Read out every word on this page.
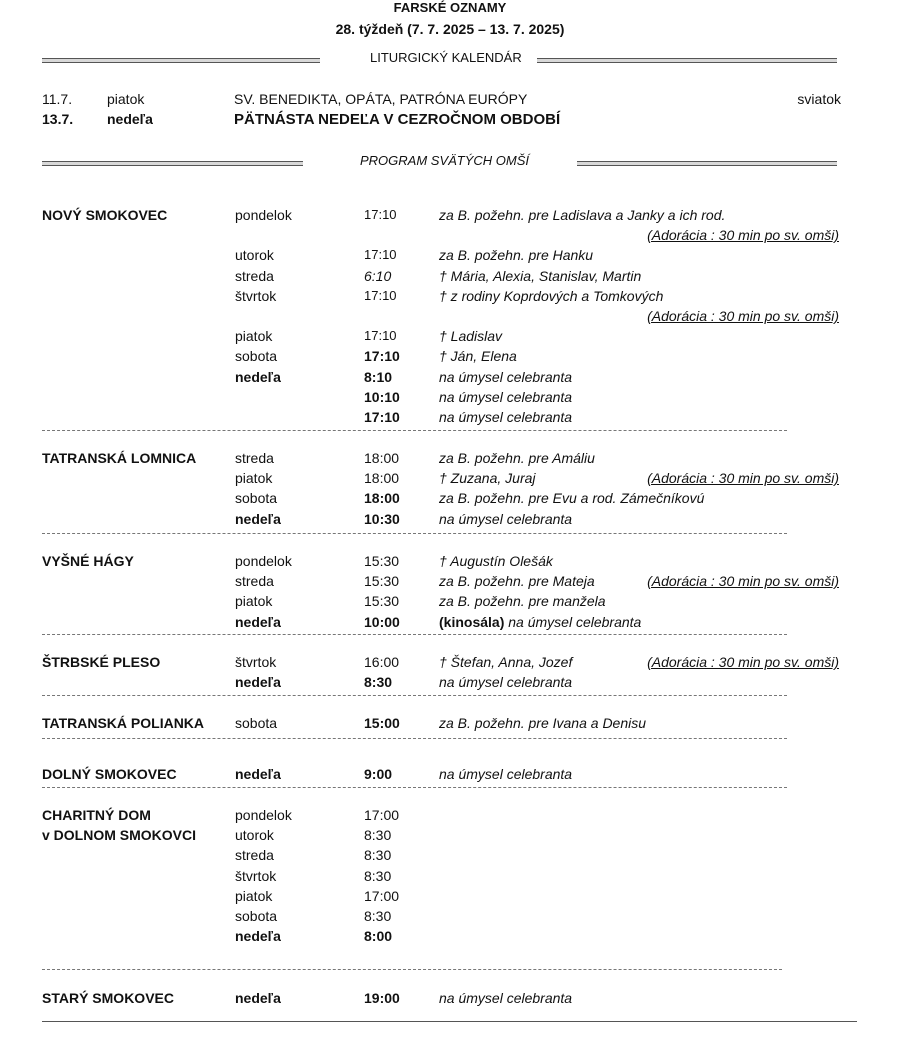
FARSKÉ OZNAMY
28. týždeň (7. 7. 2025 – 13. 7. 2025)
LITURGICKÝ KALENDÁR
11.7. piatok	SV. BENEDIKTA, OPÁTA, PATRÓNA EURÓPY	sviatok
13.7. nedeľa	PÄTNÁSTA NEDEĽA V CEZROČNOM OBDOBÍ
PROGRAM SVÄTÝCH OMŠÍ
NOVÝ SMOKOVEC	pondelok	17:10	za B. požehn. pre Ladislava a Janky a ich rod.
(Adorácia : 30 min po sv. omši)
utorok	17:10	za B. požehn. pre Hanku
streda	6:10	† Mária, Alexia, Stanislav, Martin
štvrtok	17:10	† z rodiny Koprdových a Tomkových
(Adorácia : 30 min po sv. omši)
piatok	17:10	† Ladislav
sobota	17:10	† Ján, Elena
nedeľa	8:10	na úmysel celebranta
10:10	na úmysel celebranta
17:10	na úmysel celebranta
TATRANSKÁ LOMNICA	streda	18:00	za B. požehn. pre Amáliu
piatok	18:00	† Zuzana, Juraj	(Adorácia : 30 min po sv. omši)
sobota	18:00	za B. požehn. pre Evu a rod. Zámečníkovú
nedeľa	10:30	na úmysel celebranta
VYŠNÉ HÁGY	pondelok	15:30	† Augustín Olešák
streda	15:30	za B. požehn. pre Mateja	(Adorácia : 30 min po sv. omši)
piatok	15:30	za B. požehn. pre manžela
nedeľa	10:00	(kinosála) na úmysel celebranta
ŠTRBSKÉ PLESO	štvrtok	16:00	† Štefan, Anna, Jozef	(Adorácia : 30 min po sv. omši)
nedeľa	8:30	na úmysel celebranta
TATRANSKÁ POLIANKA sobota	15:00	za B. požehn. pre Ivana a Denisu
DOLNÝ SMOKOVEC	nedeľa	9:00	na úmysel celebranta
CHARITNÝ DOM
v DOLNOM SMOKOVCI
pondelok	17:00
utorok	8:30
streda	8:30
štvrtok	8:30
piatok	17:00
sobota	8:30
nedeľa	8:00
STARÝ SMOKOVEC	nedeľa	19:00	na úmysel celebranta
